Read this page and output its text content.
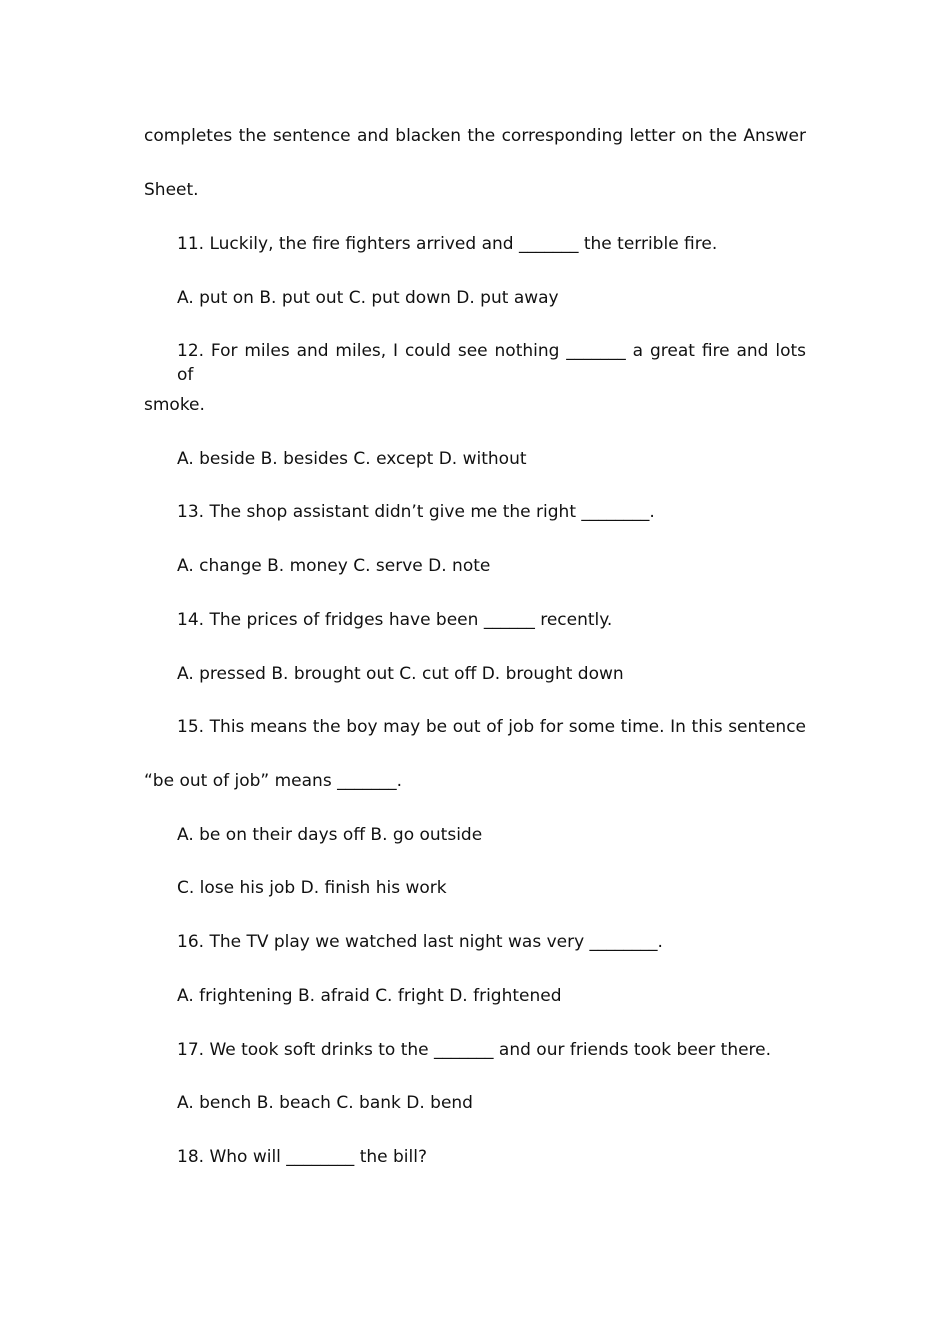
completes the sentence and blacken the corresponding letter on the Answer
Sheet.
11. Luckily, the fire fighters arrived and _______ the terrible fire.
A. put on B. put out C. put down D. put away
12. For miles and miles, I could see nothing _______ a great fire and lots of
smoke.
A. beside B. besides C. except D. without
13. The shop assistant didn’t give me the right ________.
A. change B. money C. serve D. note
14. The prices of fridges have been ______ recently.
A. pressed B. brought out C. cut off D. brought down
15. This means the boy may be out of job for some time. In this sentence
“be out of job” means _______.
A. be on their days off B. go outside
C. lose his job D. finish his work
16. The TV play we watched last night was very ________.
A. frightening B. afraid C. fright D. frightened
17. We took soft drinks to the _______ and our friends took beer there.
A. bench B. beach C. bank D. bend
18. Who will ________ the bill?
